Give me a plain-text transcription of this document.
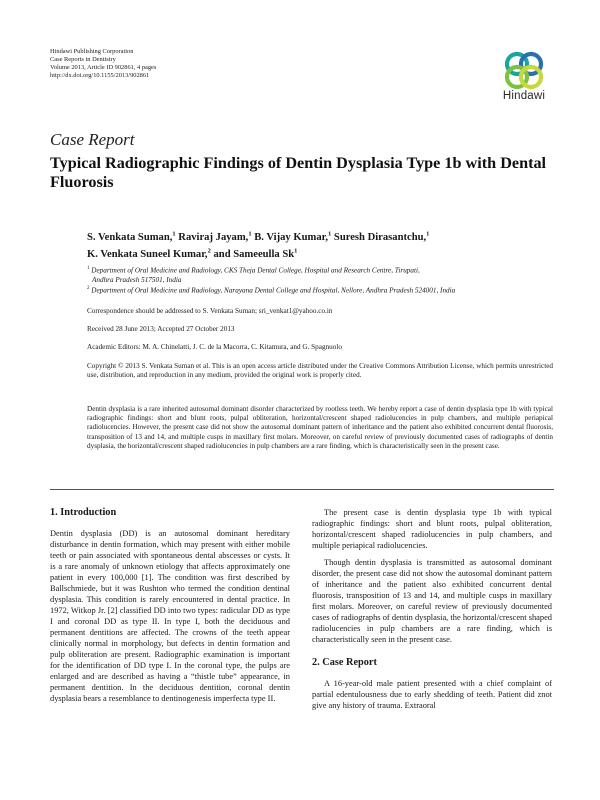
Hindawi Publishing Corporation
Case Reports in Dentistry
Volume 2013, Article ID 902861, 4 pages
http://dx.doi.org/10.1155/2013/902861
Hindawi
Case Report
Typical Radiographic Findings of Dentin Dysplasia Type 1b with Dental Fluorosis
S. Venkata Suman,$^1$ Raviraj Jayam,$^1$ B. Vijay Kumar,$^1$ Suresh Dirasantchu,$^1$
K. Venkata Suneel Kumar,$^2$ and Sameeulla Sk$^1$
$^1$ Department of Oral Medicine and Radiology, CKS Theja Dental College, Hospital and Research Centre, Tirupati,
Andhra Pradesh 517501, India
$^2$ Department of Oral Medicine and Radiology, Narayana Dental College and Hospital, Nellore, Andhra Pradesh 524001, India
Correspondence should be addressed to S. Venkata Suman; sri_venkat1@yahoo.co.in
Received 28 June 2013; Accepted 27 October 2013
Academic Editors: M. A. Chinelatti, J. C. de la Macorra, C. Kitamura, and G. Spagnuolo
Copyright © 2013 S. Venkata Suman et al. This is an open access article distributed under the Creative Commons Attribution License, which permits unrestricted use, distribution, and reproduction in any medium, provided the original work is properly cited.
Dentin dysplasia is a rare inherited autosomal dominant disorder characterized by rootless teeth. We hereby report a case of dentin dysplasia type 1b with typical radiographic findings: short and blunt roots, pulpal obliteration, horizontal/crescent shaped radiolucencies in pulp chambers, and multiple periapical radiolucencies. However, the present case did not show the autosomal dominant pattern of inheritance and the patient also exhibited concurrent dental fluorosis, transposition of 13 and 14, and multiple cusps in maxillary first molars. Moreover, on careful review of previously documented cases of radiographs of dentin dysplasia, the horizontal/crescent shaped radiolucencies in pulp chambers are a rare finding, which is characteristically seen in the present case.
1. Introduction

Dentin dysplasia (DD) is an autosomal dominant hereditary disturbance in dentin formation, which may present with either mobile teeth or pain associated with spontaneous dental abscesses or cysts. It is a rare anomaly of unknown etiology that affects approximately one patient in every 100,000 [1]. The condition was first described by Ballschmiede, but it was Rushton who termed the condition dentinal dysplasia. This condition is rarely encountered in dental practice. In 1972, Witkop Jr. [2] classified DD into two types: radicular DD as type I and coronal DD as type II. In type I, both the deciduous and permanent dentitions are affected. The crowns of the teeth appear clinically normal in morphology, but defects in dentin formation and pulp obliteration are present. Radiographic examination is important for the identification of DD type I. In the coronal type, the pulps are enlarged and are described as having a “thistle tube” appearance, in permanent dentition. In the deciduous dentition, coronal dentin dysplasia bears a resemblance to dentinogenesis imperfecta type II.

The present case is dentin dysplasia type 1b with typical radiographic findings: short and blunt roots, pulpal obliteration, horizontal/crescent shaped radiolucencies in pulp chambers, and multiple periapical radiolucencies.

Though dentin dysplasia is transmitted as autosomal dominant disorder, the present case did not show the autosomal dominant pattern of inheritance and the patient also exhibited concurrent dental fluorosis, transposition of 13 and 14, and multiple cusps in maxillary first molars. Moreover, on careful review of previously documented cases of radiographs of dentin dysplasia, the horizontal/crescent shaped radiolucencies in pulp chambers are a rare finding, which is characteristically seen in the present case.

2. Case Report

A 16-year-old male patient presented with a chief complaint of partial edentulousness due to early shedding of teeth. Patient did znot give any history of trauma. Extraoral
